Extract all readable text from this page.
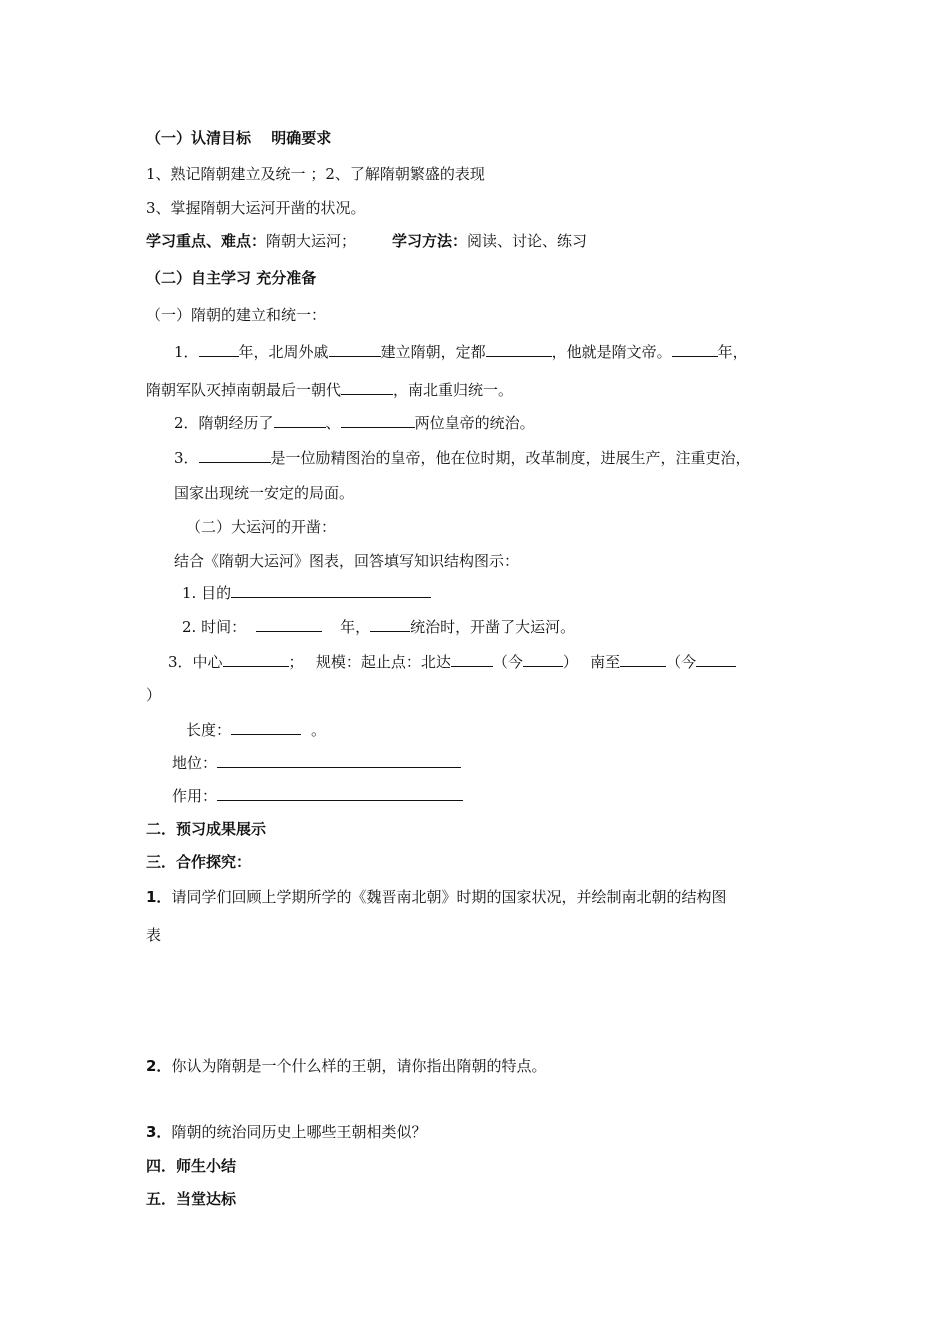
（一）认清目标　 明确要求
1、熟记隋朝建立及统一 ；2、了解隋朝繁盛的表现
3、掌握隋朝大运河开凿的状况。
学习重点、难点：隋朝大运河； 学习方法：阅读、讨论、练习
（二）自主学习 充分准备
（一）隋朝的建立和统一：
1．	年，北周外戚	建立隋朝，定都	，他就是隋文帝。	年，
隋朝军队灭掉南朝最后一朝代	，南北重归统一。
2．隋朝经历了	、	两位皇帝的统治。
3．	是一位励精图治的皇帝，他在位时期，改革制度，进展生产，注重吏治，
国家出现统一安定的局面。
（二）大运河的开凿：
结合《隋朝大运河》图表，回答填写知识结构图示：
1. 目的
2. 时间：	年，	统治时，开凿了大运河。
3．中心	；　 规模：起止点：北达	（今	）　 南至	（今
）
长度：	。
地位：
作用：
二．预习成果展示
三．合作探究：
1．请同学们回顾上学期所学的《魏晋南北朝》时期的国家状况，并绘制南北朝的结构图
表
2．你认为隋朝是一个什么样的王朝，请你指出隋朝的特点。
3．隋朝的统治同历史上哪些王朝相类似？
四．师生小结
五．当堂达标
